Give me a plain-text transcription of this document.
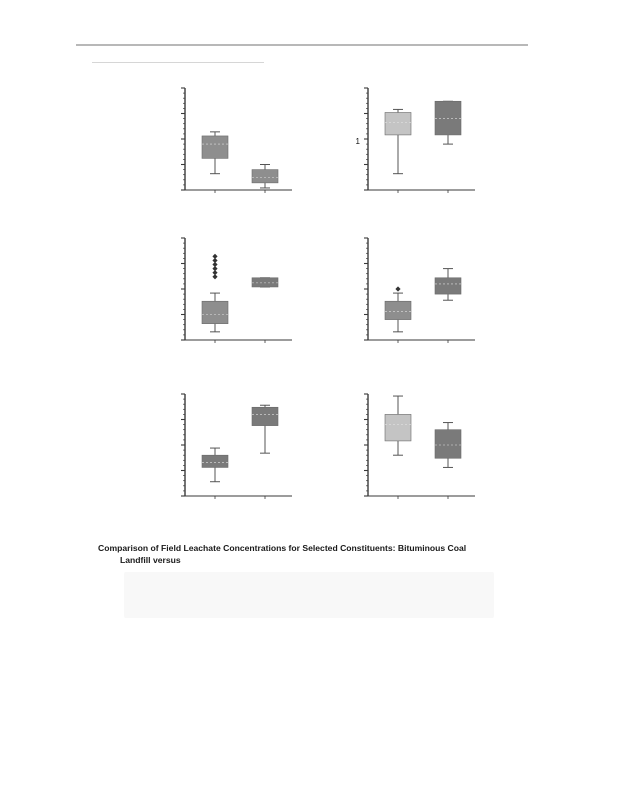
1
Comparison of Field Leachate Concentrations for Selected Constituents: Bituminous Coal
Landfill versus
